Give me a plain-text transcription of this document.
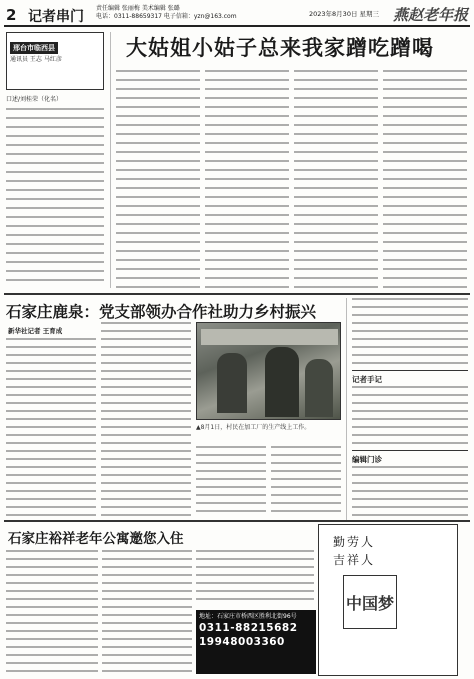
2 记者串门
责任编辑 张丽梅 美术编辑 张璐
电话：0311-88659317 电子信箱：yzn@163.com	2023年8月30日 星期三 燕赵老年报
邢台市临西县
通讯员 王志 马红彦	大姑姐小姑子总来我家蹭吃蹭喝
口述/刘桂荣（化名）
石家庄鹿泉：党支部领办合作社助力乡村振兴
新华社记者 王育成
▲8月1日，村民在加工厂的生产线上工作。
记者手记
编辑门诊
石家庄裕祥老年公寓邀您入住
地址：石家庄市桥西区胜利北街96号
0311-88215682
19948003360
勤劳人
吉祥人
中国梦
